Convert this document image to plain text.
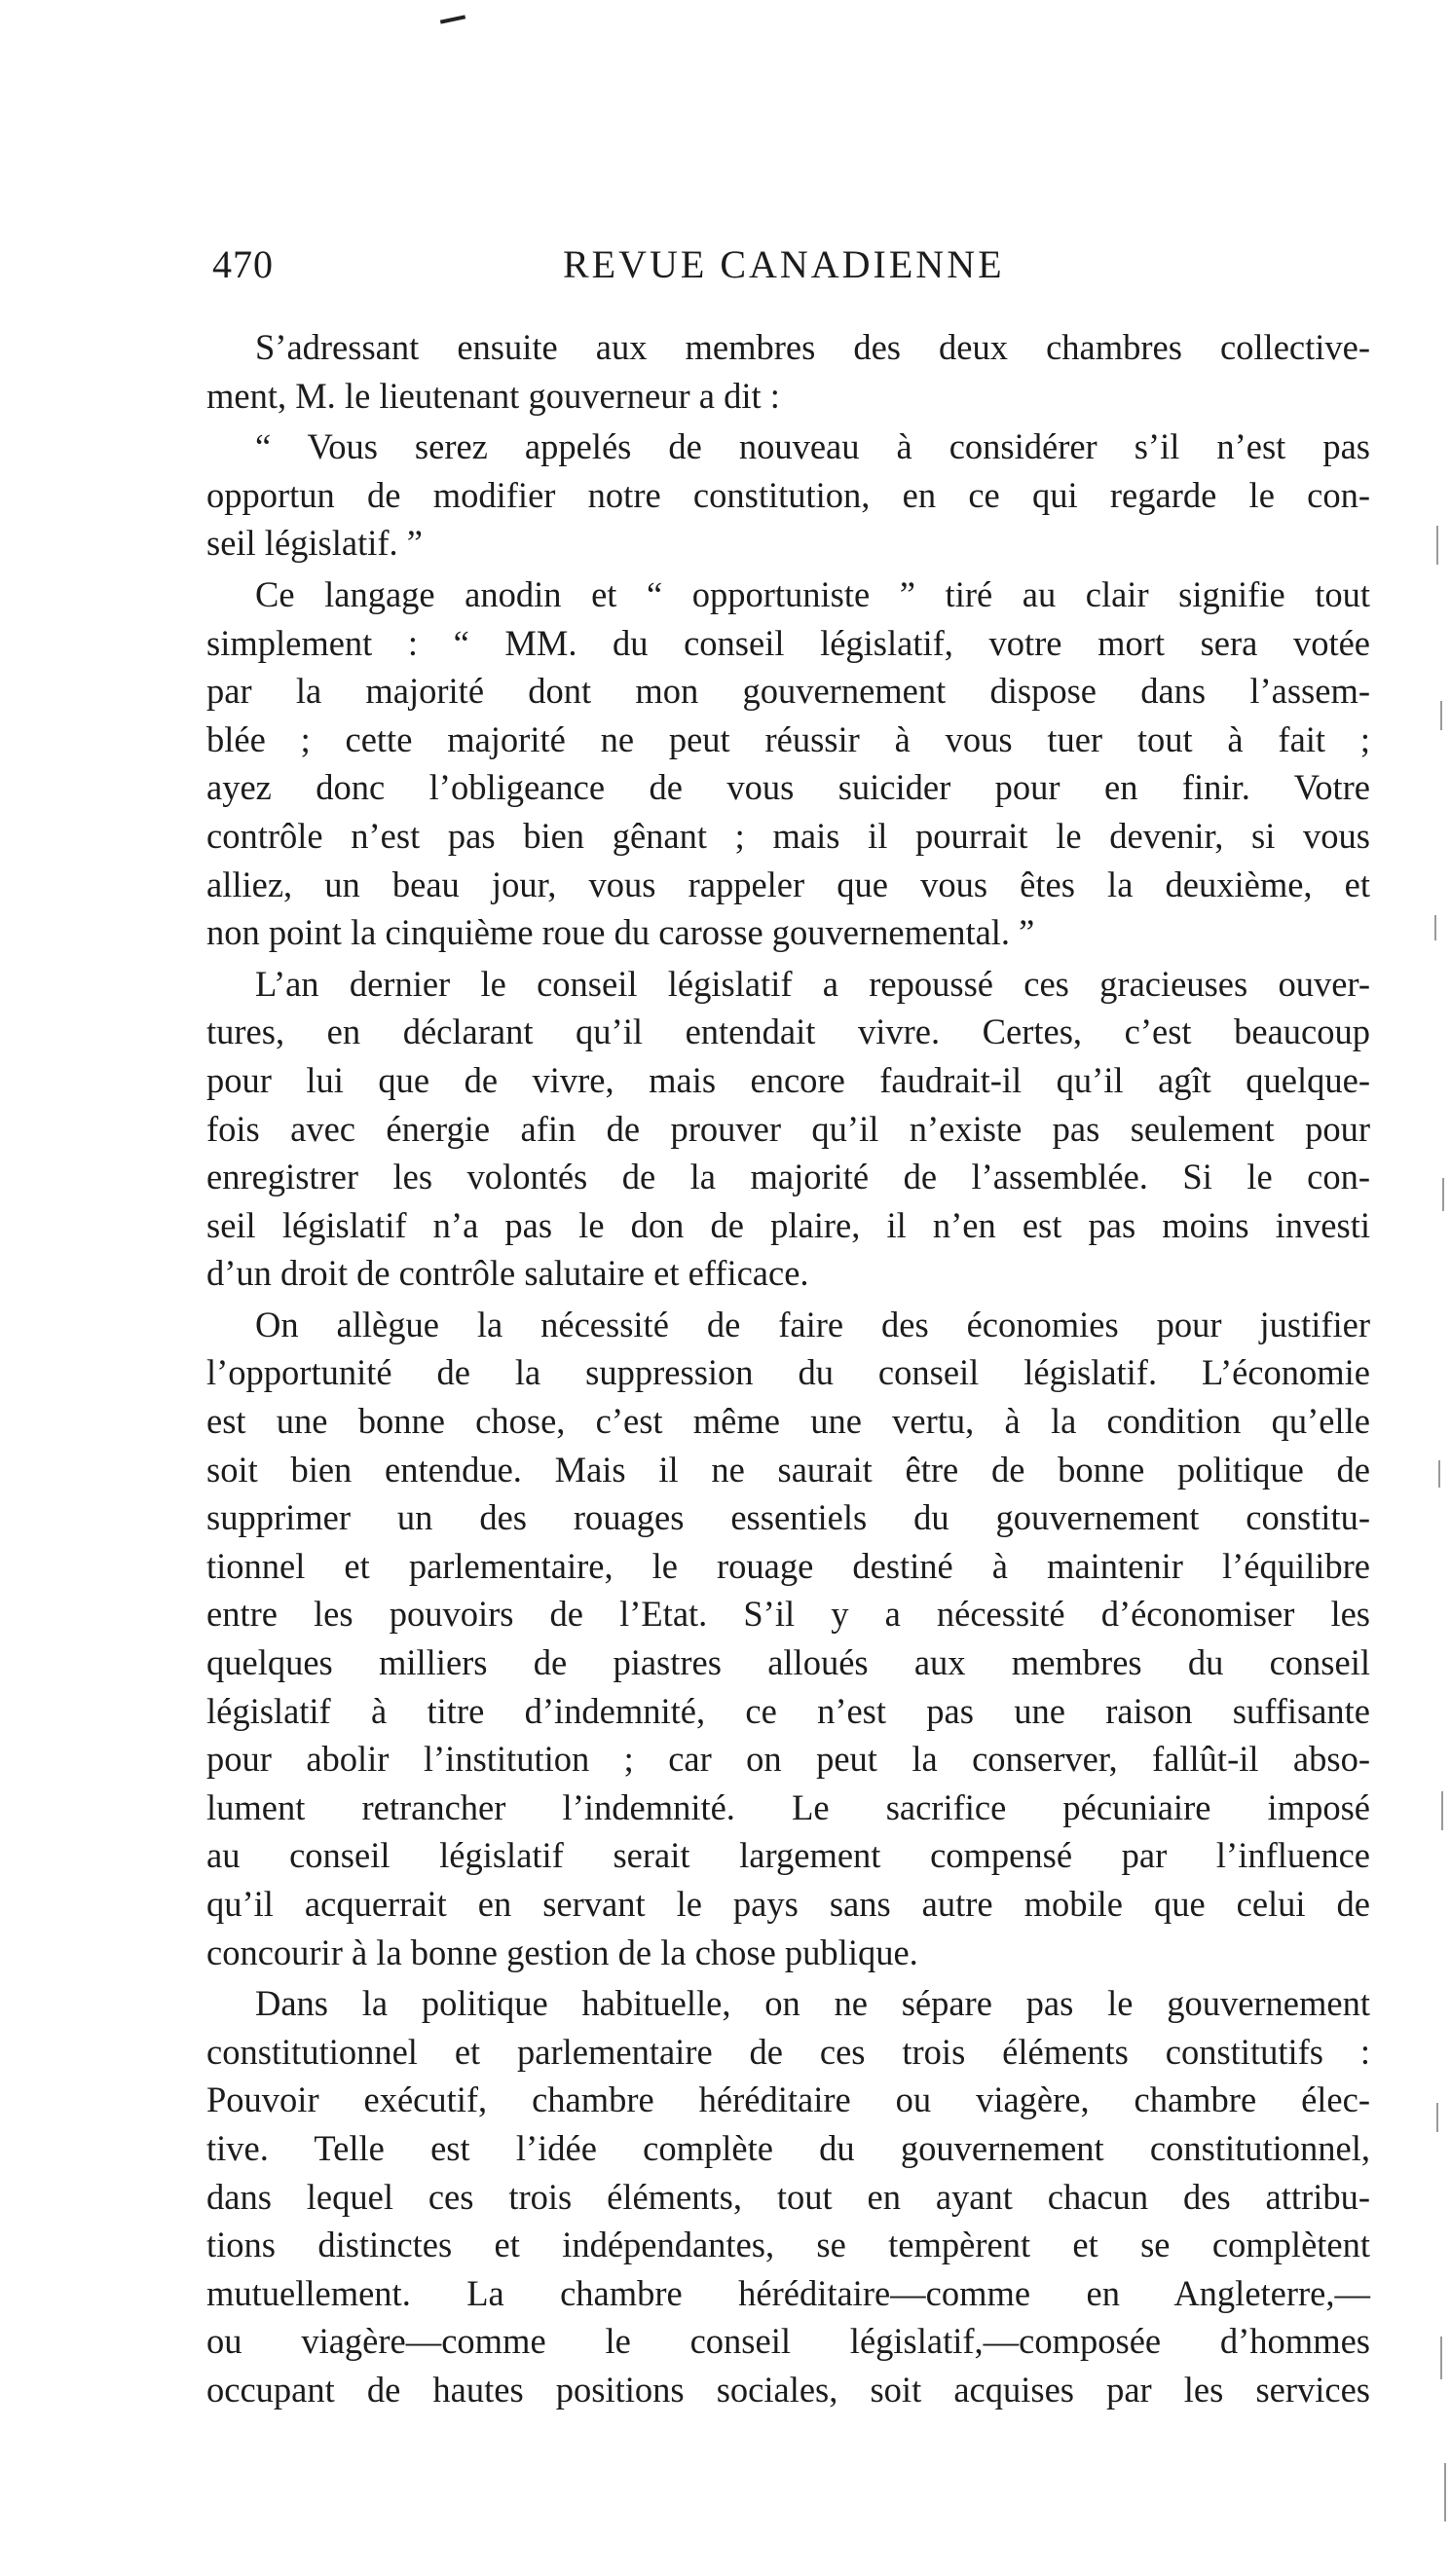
470	REVUE CANADIENNE
S’adressant ensuite aux membres des deux chambres collective-
ment, M. le lieutenant gouverneur a dit :
“ Vous serez appelés de nouveau à considérer s’il n’est pas
opportun de modifier notre constitution, en ce qui regarde le con-
seil législatif. ”
Ce langage anodin et “ opportuniste ” tiré au clair signifie tout
simplement : “ MM. du conseil législatif, votre mort sera votée
par la majorité dont mon gouvernement dispose dans l’assem-
blée ; cette majorité ne peut réussir à vous tuer tout à fait ;
ayez donc l’obligeance de vous suicider pour en finir. Votre
contrôle n’est pas bien gênant ; mais il pourrait le devenir, si vous
alliez, un beau jour, vous rappeler que vous êtes la deuxième, et
non point la cinquième roue du carosse gouvernemental. ”
L’an dernier le conseil législatif a repoussé ces gracieuses ouver-
tures, en déclarant qu’il entendait vivre. Certes, c’est beaucoup
pour lui que de vivre, mais encore faudrait-il qu’il agît quelque-
fois avec énergie afin de prouver qu’il n’existe pas seulement pour
enregistrer les volontés de la majorité de l’assemblée. Si le con-
seil législatif n’a pas le don de plaire, il n’en est pas moins investi
d’un droit de contrôle salutaire et efficace.
On allègue la nécessité de faire des économies pour justifier
l’opportunité de la suppression du conseil législatif. L’économie
est une bonne chose, c’est même une vertu, à la condition qu’elle
soit bien entendue. Mais il ne saurait être de bonne politique de
supprimer un des rouages essentiels du gouvernement constitu-
tionnel et parlementaire, le rouage destiné à maintenir l’équilibre
entre les pouvoirs de l’Etat. S’il y a nécessité d’économiser les
quelques milliers de piastres alloués aux membres du conseil
législatif à titre d’indemnité, ce n’est pas une raison suffisante
pour abolir l’institution ; car on peut la conserver, fallût-il abso-
lument retrancher l’indemnité. Le sacrifice pécuniaire imposé
au conseil législatif serait largement compensé par l’influence
qu’il acquerrait en servant le pays sans autre mobile que celui de
concourir à la bonne gestion de la chose publique.
Dans la politique habituelle, on ne sépare pas le gouvernement
constitutionnel et parlementaire de ces trois éléments constitutifs :
Pouvoir exécutif, chambre héréditaire ou viagère, chambre élec-
tive. Telle est l’idée complète du gouvernement constitutionnel,
dans lequel ces trois éléments, tout en ayant chacun des attribu-
tions distinctes et indépendantes, se tempèrent et se complètent
mutuellement. La chambre héréditaire—comme en Angleterre,—
ou viagère—comme le conseil législatif,—composée d’hommes
occupant de hautes positions sociales, soit acquises par les services
